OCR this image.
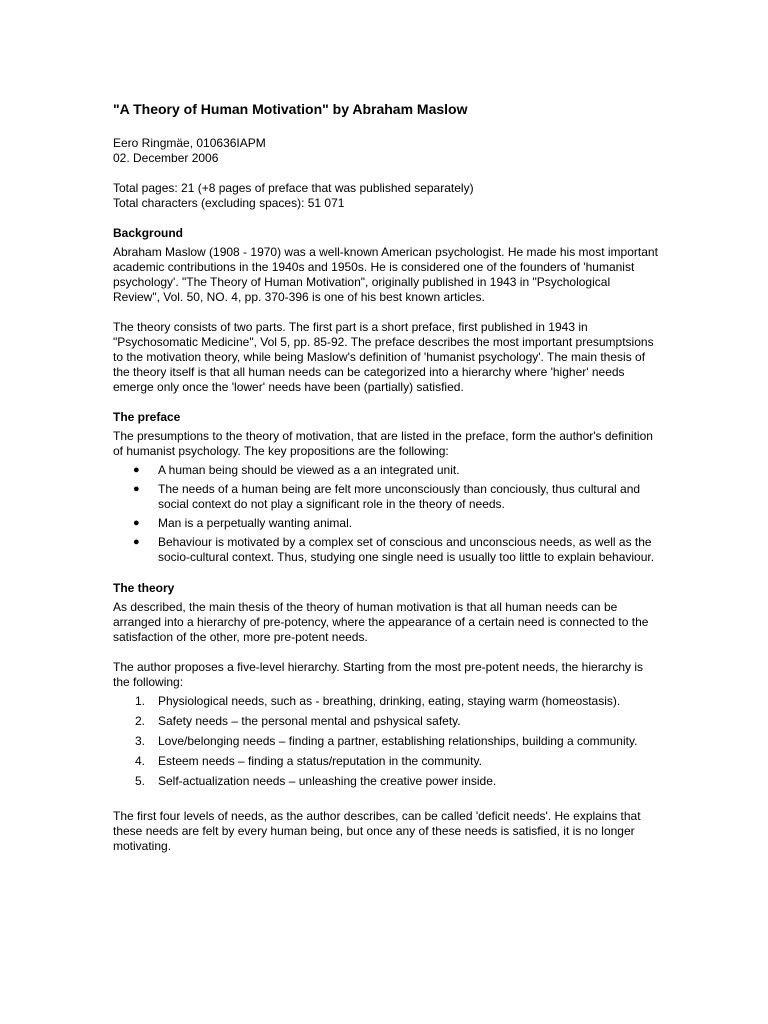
"A Theory of Human Motivation" by Abraham Maslow

Eero Ringmäe, 010636IAPM

02. December 2006

Total pages: 21 (+8 pages of preface that was published separately)

Total characters (excluding spaces): 51 071

Background

Abraham Maslow (1908 - 1970) was a well-known American psychologist. He made his most important academic contributions in the 1940s and 1950s. He is considered one of the founders of 'humanist psychology'. "The Theory of Human Motivation", originally published in 1943 in "Psychological Review", Vol. 50, NO. 4, pp. 370-396 is one of his best known articles.

The theory consists of two parts. The first part is a short preface, first published in 1943 in "Psychosomatic Medicine", Vol 5, pp. 85-92. The preface describes the most important presumptsions to the motivation theory, while being Maslow's definition of 'humanist psychology'. The main thesis of the theory itself is that all human needs can be categorized into a hierarchy where 'higher' needs emerge only once the 'lower' needs have been (partially) satisfied.

The preface

The presumptions to the theory of motivation, that are listed in the preface, form the author's definition of humanist psychology. The key propositions are the following:

● A human being should be viewed as a an integrated unit.
● The needs of a human being are felt more unconsciously than conciously, thus cultural and social context do not play a significant role in the theory of needs.
● Man is a perpetually wanting animal.
● Behaviour is motivated by a complex set of conscious and unconscious needs, as well as the socio-cultural context. Thus, studying one single need is usually too little to explain behaviour.
The theory

As described, the main thesis of the theory of human motivation is that all human needs can be arranged into a hierarchy of pre-potency, where the appearance of a certain need is connected to the satisfaction of the other, more pre-potent needs.

The author proposes a five-level hierarchy. Starting from the most pre-potent needs, the hierarchy is the following:

1. Physiological needs, such as - breathing, drinking, eating, staying warm (homeostasis).
2. Safety needs – the personal mental and pshysical safety.
3. Love/belonging needs – finding a partner, establishing relationships, building a community.
4. Esteem needs – finding a status/reputation in the community.
5. Self-actualization needs – unleashing the creative power inside.

The first four levels of needs, as the author describes, can be called 'deficit needs'. He explains that these needs are felt by every human being, but once any of these needs is satisfied, it is no longer motivating.
